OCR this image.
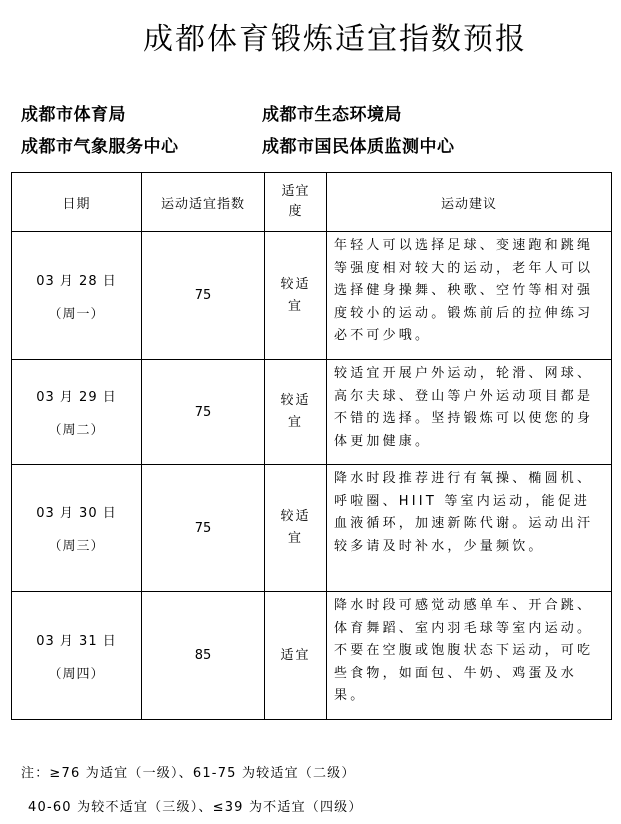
成都体育锻炼适宜指数预报
成都市体育局	成都市生态环境局
成都市气象服务中心	成都市国民体质监测中心
日期	运动适宜指数	适宜度	运动建议

03 月 28 日
（周一）	75	较适宜	年轻人可以选择足球、变速跑和跳绳等强度相对较大的运动，老年人可以选择健身操舞、秧歌、空竹等相对强度较小的运动。锻炼前后的拉伸练习必不可少哦。

03 月 29 日
（周二）	75	较适宜	较适宜开展户外运动，轮滑、网球、高尔夫球、登山等户外运动项目都是不错的选择。坚持锻炼可以使您的身体更加健康。

03 月 30 日
（周三）	75	较适宜	降水时段推荐进行有氧操、椭圆机、呼啦圈、HIIT 等室内运动，能促进血液循环，加速新陈代谢。运动出汗较多请及时补水，少量频饮。

03 月 31 日
（周四）	85	适宜	降水时段可感觉动感单车、开合跳、体育舞蹈、室内羽毛球等室内运动。不要在空腹或饱腹状态下运动，可吃些食物，如面包、牛奶、鸡蛋及水果。
注：≥76 为适宜（一级）、61-75 为较适宜（二级）
40-60 为较不适宜（三级）、≤39 为不适宜（四级）
